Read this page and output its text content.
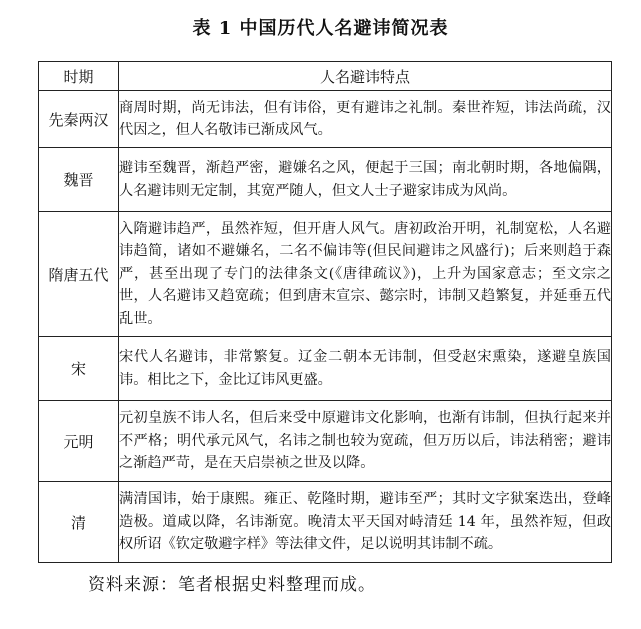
表 1 中国历代人名避讳简况表
时期	人名避讳特点
先秦两汉	商周时期，尚无讳法，但有讳俗，更有避讳之礼制。秦世祚短，讳法尚疏，汉代因之，但人名敬讳已渐成风气。
魏晋	避讳至魏晋，渐趋严密，避嫌名之风，便起于三国；南北朝时期，各地偏隅，人名避讳则无定制，其宽严随人，但文人士子避家讳成为风尚。
隋唐五代	入隋避讳趋严，虽然祚短，但开唐人风气。唐初政治开明，礼制宽松，人名避讳趋简，诸如不避嫌名，二名不偏讳等(但民间避讳之风盛行)；后来则趋于森严，甚至出现了专门的法律条文(《唐律疏议》)，上升为国家意志；至文宗之世，人名避讳又趋宽疏；但到唐末宣宗、懿宗时，讳制又趋繁复，并延垂五代乱世。
宋	宋代人名避讳，非常繁复。辽金二朝本无讳制，但受赵宋熏染，遂避皇族国讳。相比之下，金比辽讳风更盛。
元明	元初皇族不讳人名，但后来受中原避讳文化影响，也渐有讳制，但执行起来并不严格；明代承元风气，名讳之制也较为宽疏，但万历以后，讳法稍密；避讳之渐趋严苛，是在天启崇祯之世及以降。
清	满清国讳，始于康熙。雍正、乾隆时期，避讳至严；其时文字狱案迭出，登峰造极。道咸以降，名讳渐宽。晚清太平天国对峙清廷 14 年，虽然祚短，但政权所诏《钦定敬避字样》等法律文件，足以说明其讳制不疏。
资料来源：笔者根据史料整理而成。
